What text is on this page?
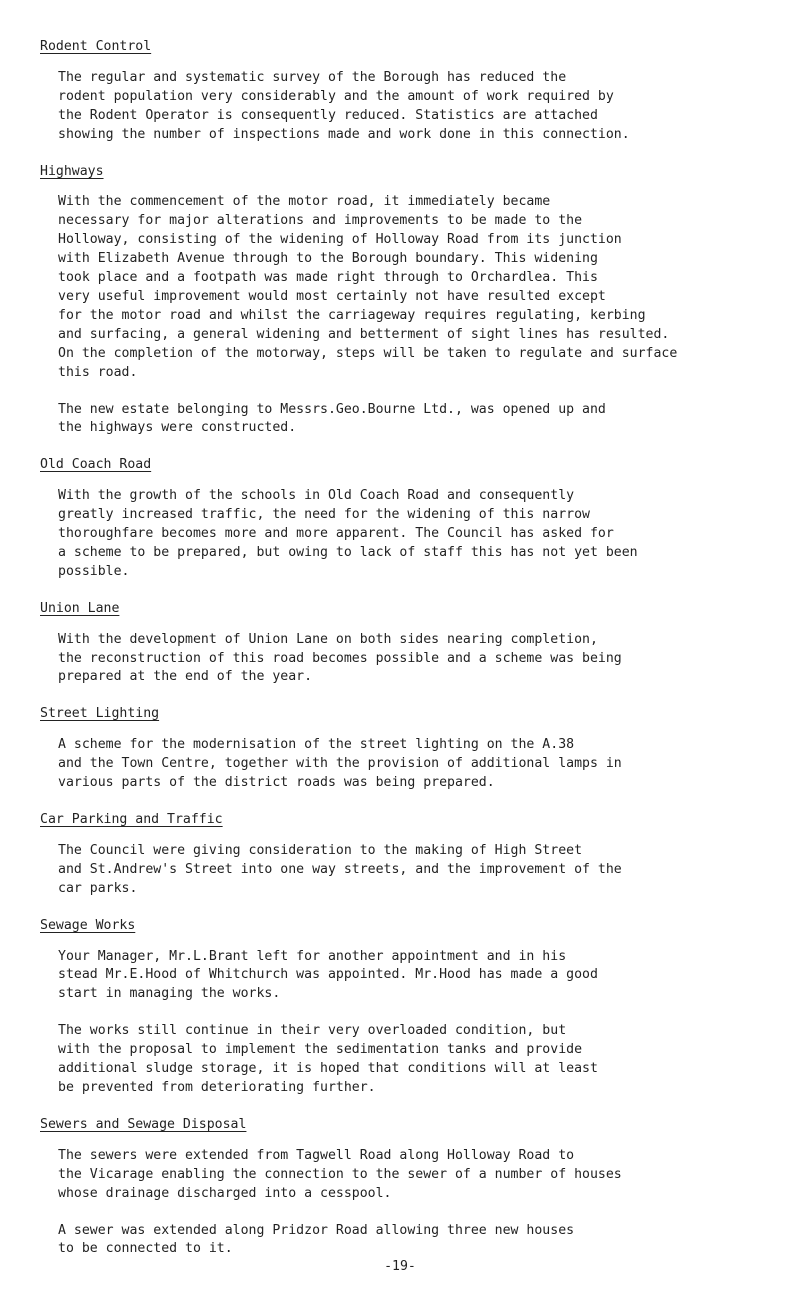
Rodent Control
The regular and systematic survey of the Borough has reduced the
rodent population very considerably and the amount of work required by
the Rodent Operator is consequently reduced. Statistics are attached
showing the number of inspections made and work done in this connection.
Highways
With the commencement of the motor road, it immediately became
necessary for major alterations and improvements to be made to the
Holloway, consisting of the widening of Holloway Road from its junction
with Elizabeth Avenue through to the Borough boundary. This widening
took place and a footpath was made right through to Orchardlea. This
very useful improvement would most certainly not have resulted except
for the motor road and whilst the carriageway requires regulating, kerbing
and surfacing, a general widening and betterment of sight lines has resulted.
On the completion of the motorway, steps will be taken to regulate and surface
this road.
The new estate belonging to Messrs.Geo.Bourne Ltd., was opened up and
the highways were constructed.
Old Coach Road
With the growth of the schools in Old Coach Road and consequently
greatly increased traffic, the need for the widening of this narrow
thoroughfare becomes more and more apparent. The Council has asked for
a scheme to be prepared, but owing to lack of staff this has not yet been
possible.
Union Lane
With the development of Union Lane on both sides nearing completion,
the reconstruction of this road becomes possible and a scheme was being
prepared at the end of the year.
Street Lighting
A scheme for the modernisation of the street lighting on the A.38
and the Town Centre, together with the provision of additional lamps in
various parts of the district roads was being prepared.
Car Parking and Traffic
The Council were giving consideration to the making of High Street
and St.Andrew's Street into one way streets, and the improvement of the
car parks.
Sewage Works
Your Manager, Mr.L.Brant left for another appointment and in his
stead Mr.E.Hood of Whitchurch was appointed. Mr.Hood has made a good
start in managing the works.
The works still continue in their very overloaded condition, but
with the proposal to implement the sedimentation tanks and provide
additional sludge storage, it is hoped that conditions will at least
be prevented from deteriorating further.
Sewers and Sewage Disposal
The sewers were extended from Tagwell Road along Holloway Road to
the Vicarage enabling the connection to the sewer of a number of houses
whose drainage discharged into a cesspool.
A sewer was extended along Pridzor Road allowing three new houses
to be connected to it.
-19-
